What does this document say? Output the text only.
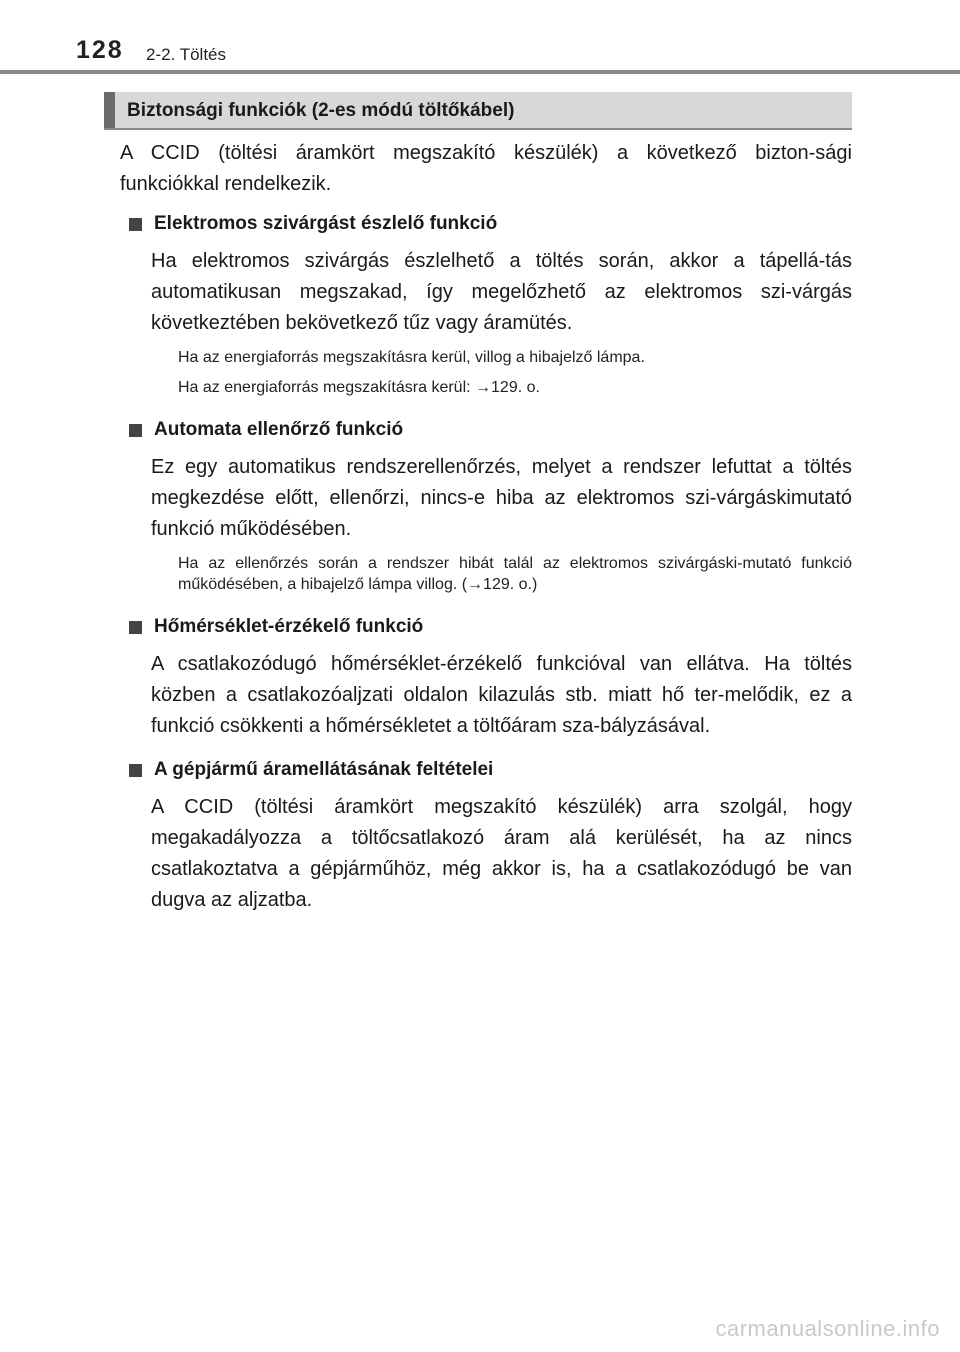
128 2-2. Töltés
Biztonsági funkciók (2-es módú töltőkábel)

A CCID (töltési áramkört megszakító készülék) a következő bizton-sági funkciókkal rendelkezik.

Elektromos szivárgást észlelő funkció

Ha elektromos szivárgás észlelhető a töltés során, akkor a tápellá-tás automatikusan megszakad, így megelőzhető az elektromos szi-várgás következtében bekövetkező tűz vagy áramütés.

Ha az energiaforrás megszakításra kerül, villog a hibajelző lámpa.

Ha az energiaforrás megszakításra kerül: →129. o.

Automata ellenőrző funkció

Ez egy automatikus rendszerellenőrzés, melyet a rendszer lefuttat a töltés megkezdése előtt, ellenőrzi, nincs-e hiba az elektromos szi-várgáskimutató funkció működésében.

Ha az ellenőrzés során a rendszer hibát talál az elektromos szivárgáski-mutató funkció működésében, a hibajelző lámpa villog. (→129. o.)

Hőmérséklet-érzékelő funkció

A csatlakozódugó hőmérséklet-érzékelő funkcióval van ellátva. Ha töltés közben a csatlakozóaljzati oldalon kilazulás stb. miatt hő ter-melődik, ez a funkció csökkenti a hőmérsékletet a töltőáram sza-bályzásával.

A gépjármű áramellátásának feltételei

A CCID (töltési áramkört megszakító készülék) arra szolgál, hogy megakadályozza a töltőcsatlakozó áram alá kerülését, ha az nincs csatlakoztatva a gépjárműhöz, még akkor is, ha a csatlakozódugó be van dugva az aljzatba.

carmanualsonline.info
